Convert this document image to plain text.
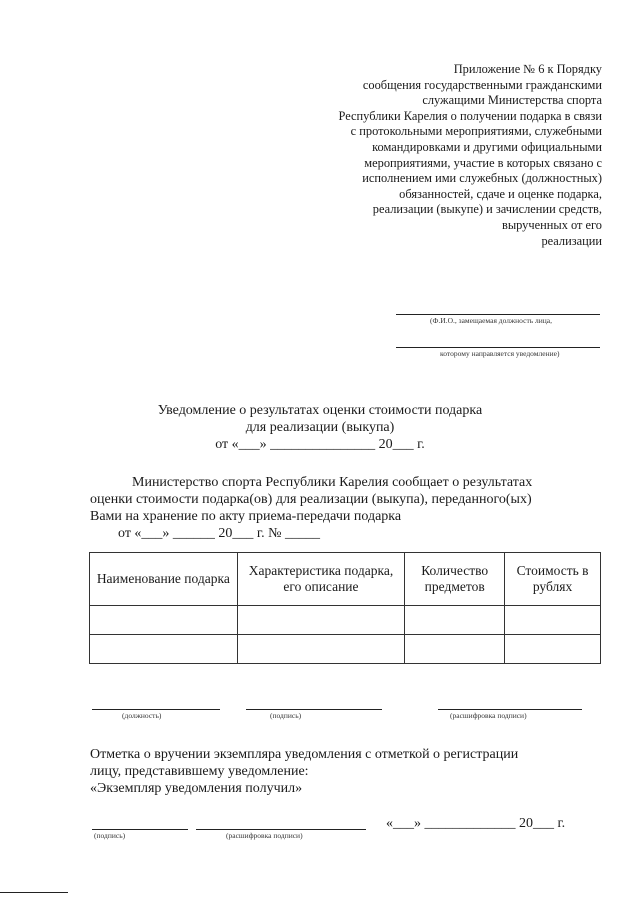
Приложение № 6 к Порядку
сообщения государственными гражданскими
служащими Министерства спорта
Республики Карелия о получении подарка в связи
с протокольными мероприятиями, служебными
командировками и другими официальными
мероприятиями, участие в которых связано с
исполнением ими служебных (должностных)
обязанностей, сдаче и оценке подарка,
реализации (выкупе) и зачислении средств,
вырученных от его
реализации
(Ф.И.О., замещаемая должность лица,
которому направляется уведомление)
Уведомление о результатах оценки стоимости подарка
для реализации (выкупа)
от «___» _______________ 20___ г.
Министерство спорта Республики Карелия сообщает о результатах
оценки стоимости подарка(ов) для реализации (выкупа), переданного(ых)
Вами на хранение по акту приема-передачи подарка
от «___» ______ 20___ г. № _____
Наименование подарка	Характеристика подарка, его описание	Количество предметов	Стоимость в рублях

(должность)	(подпись)	(расшифровка подписи)
Отметка о вручении экземпляра уведомления с отметкой о регистрации
лицу, представившему уведомление:
«Экземпляр уведомления получил»
(подпись)	(расшифровка подписи)
«___» _____________ 20___ г.
